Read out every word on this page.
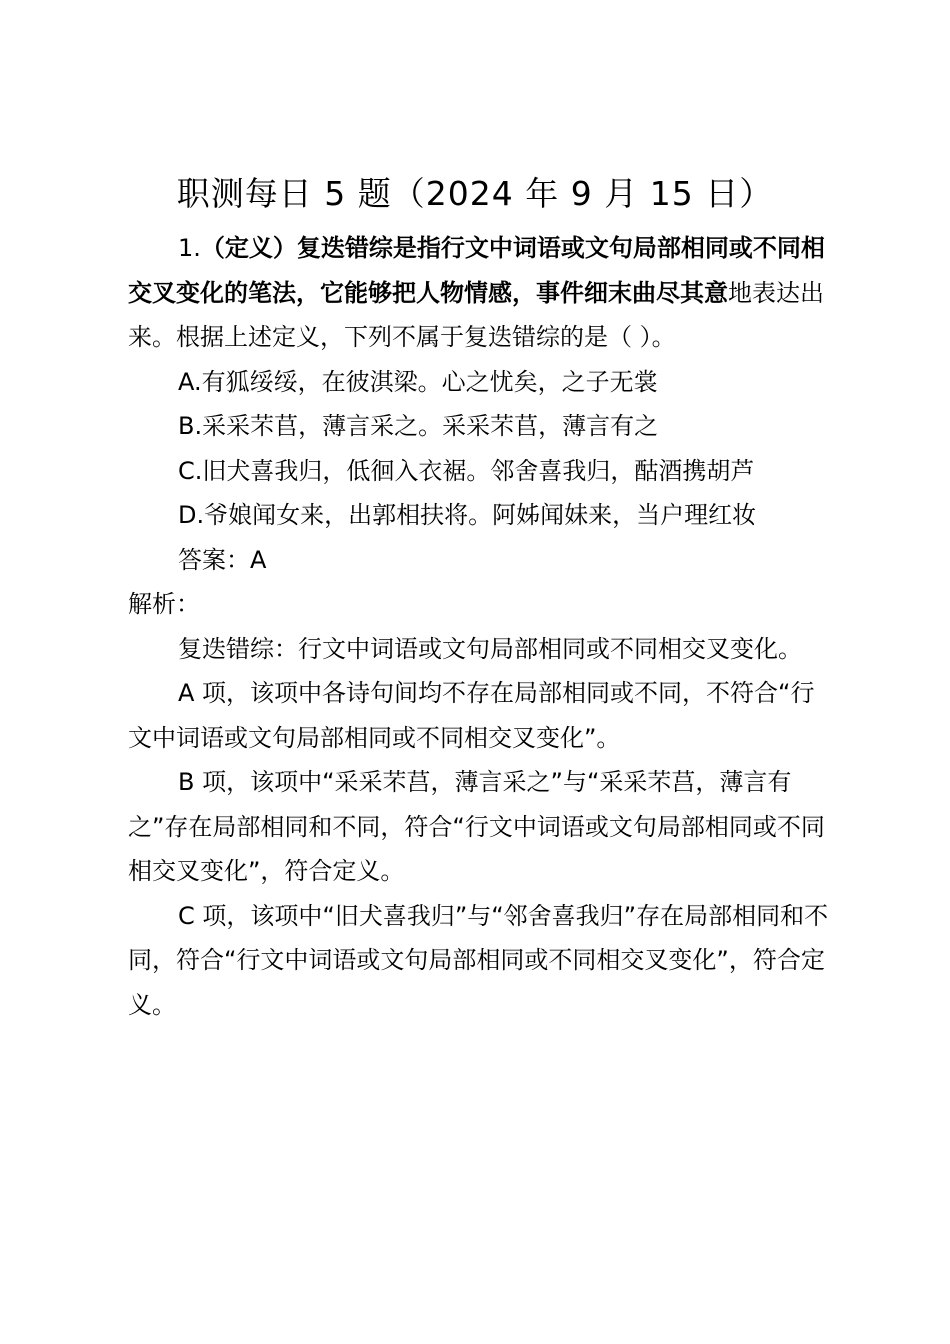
职测每日 5 题（2024 年 9 月 15 日）

1.（定义）复迭错综是指行文中词语或文句局部相同或不同相交叉变化的笔法，它能够把人物情感，事件细末曲尽其意地表达出来。根据上述定义，下列不属于复迭错综的是（ ）。

A.有狐绥绥，在彼淇梁。心之忧矣，之子无裳

B.采采芣苢，薄言采之。采采芣苢，薄言有之

C.旧犬喜我归，低徊入衣裾。邻舍喜我归，酤酒携胡芦

D.爷娘闻女来，出郭相扶将。阿姊闻妹来，当户理红妆

答案：A

解析：

复迭错综：行文中词语或文句局部相同或不同相交叉变化。

A 项，该项中各诗句间均不存在局部相同或不同，不符合“行文中词语或文句局部相同或不同相交叉变化”。

B 项，该项中“采采芣莒，薄言采之”与“采采芣莒，薄言有之”存在局部相同和不同，符合“行文中词语或文句局部相同或不同相交叉变化”，符合定义。

C 项，该项中“旧犬喜我归”与“邻舍喜我归”存在局部相同和不同，符合“行文中词语或文句局部相同或不同相交叉变化”，符合定义。
